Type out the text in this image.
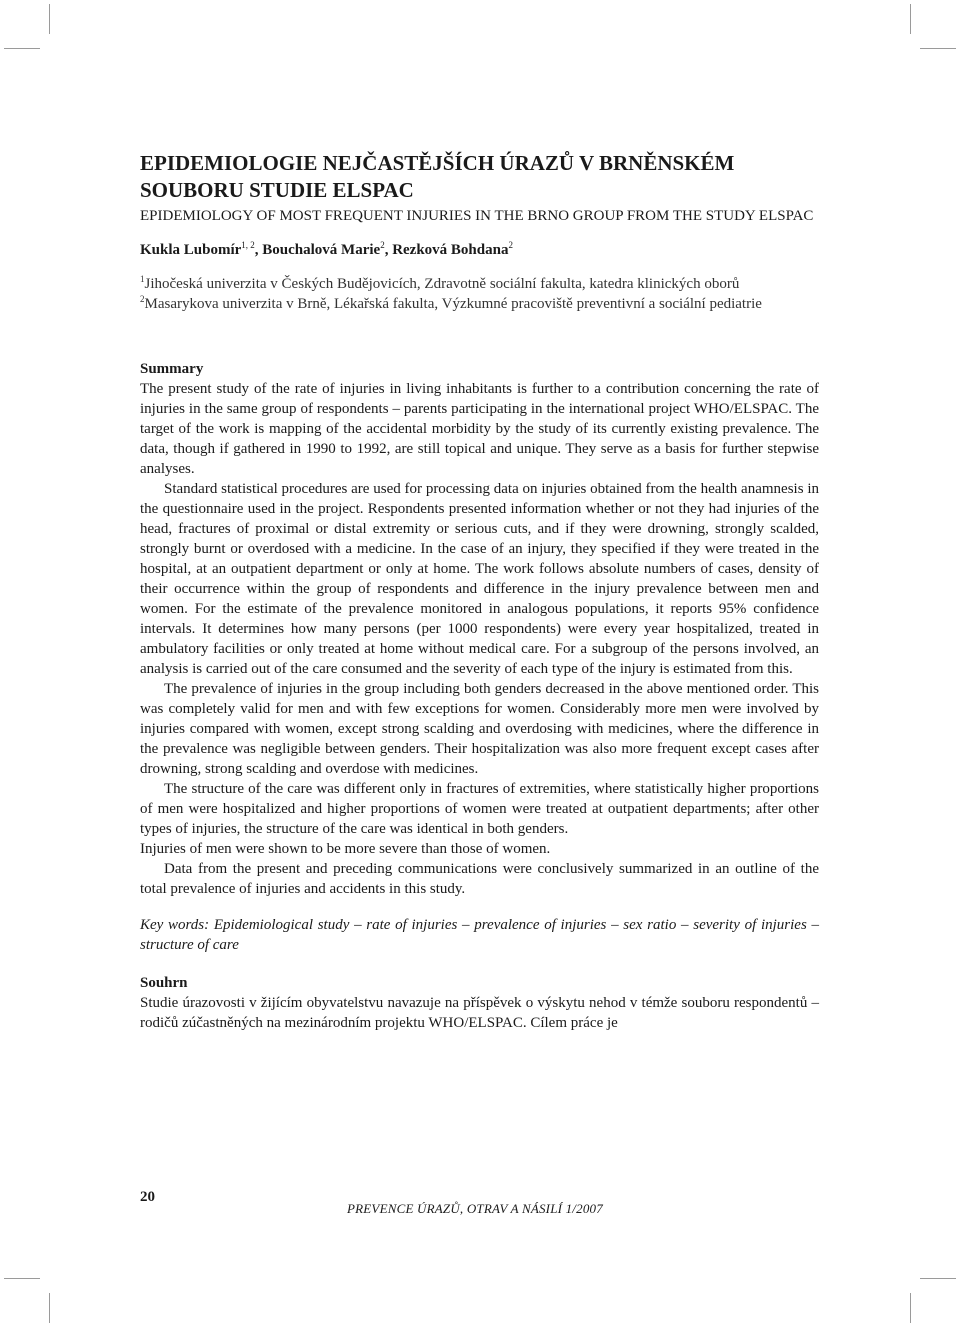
EPIDEMIOLOGIE NEJČASTĚJŠÍCH ÚRAZŮ V BRNĚNSKÉM SOUBORU STUDIE ELSPAC

EPIDEMIOLOGY OF MOST FREQUENT INJURIES IN THE BRNO GROUP FROM THE STUDY ELSPAC

Kukla Lubomír$^{1, 2}$, Bouchalová Marie$^2$, Rezková Bohdana$^2$
$^1$Jihočeská univerzita v Českých Budějovicích, Zdravotně sociální fakulta, katedra klinických oborů
$^2$Masarykova univerzita v Brně, Lékařská fakulta, Výzkumné pracoviště preventivní a sociální pediatrie
Summary

The present study of the rate of injuries in living inhabitants is further to a contribution concerning the rate of injuries in the same group of respondents – parents participating in the international project WHO/ELSPAC. The target of the work is mapping of the accidental morbidity by the study of its currently existing prevalence. The data, though if gathered in 1990 to 1992, are still topical and unique. They serve as a basis for further stepwise analyses.

Standard statistical procedures are used for processing data on injuries obtained from the health anamnesis in the questionnaire used in the project. Respondents presented information whether or not they had injuries of the head, fractures of proximal or distal extremity or serious cuts, and if they were drowning, strongly scalded, strongly burnt or overdosed with a medicine. In the case of an injury, they specified if they were treated in the hospital, at an outpatient department or only at home. The work follows absolute numbers of cases, density of their occurrence within the group of respondents and difference in the injury prevalence between men and women. For the estimate of the prevalence monitored in analogous populations, it reports 95% confidence intervals. It determines how many persons (per 1000 respondents) were every year hospitalized, treated in ambulatory facilities or only treated at home without medical care. For a subgroup of the persons involved, an analysis is carried out of the care consumed and the severity of each type of the injury is estimated from this.

The prevalence of injuries in the group including both genders decreased in the above mentioned order. This was completely valid for men and with few exceptions for women. Considerably more men were involved by injuries compared with women, except strong scalding and overdosing with medicines, where the difference in the prevalence was negligible between genders. Their hospitalization was also more frequent except cases after drowning, strong scalding and overdose with medicines.

The structure of the care was different only in fractures of extremities, where statistically higher proportions of men were hospitalized and higher proportions of women were treated at outpatient departments; after other types of injuries, the structure of the care was identical in both genders.

Injuries of men were shown to be more severe than those of women.

Data from the present and preceding communications were conclusively summarized in an outline of the total prevalence of injuries and accidents in this study.

Key words: Epidemiological study – rate of injuries – prevalence of injuries – sex ratio – severity of injuries – structure of care

Souhrn

Studie úrazovosti v žijícím obyvatelstvu navazuje na příspěvek o výskytu nehod v témže souboru respondentů – rodičů zúčastněných na mezinárodním projektu WHO/ELSPAC. Cílem práce je

20
PREVENCE ÚRAZŮ, OTRAV A NÁSILÍ 1/2007
